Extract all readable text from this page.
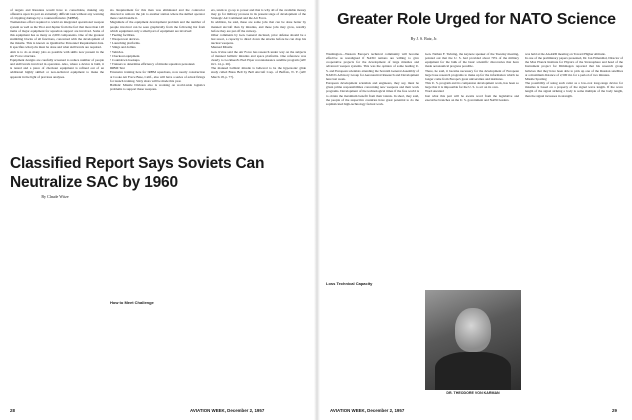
of targets and Russians would have to consolidate, making any offensive upon its part an extremely difficult task without any warning of crippling damage by a counteroffensive (SRBM).
Tremendous effort required to wield an integrated operational weapon system as well as the Thor and Jupiter from the fact that more than 120 items of major equipment for squadron support are involved. Some of this equipment has as many as 2,000 components. One of the greatest stumbling blocks of all functions, concerned with the development of the missile. This is known as Qualitative Personnel Requirement data. It specifies what jobs must be done and what skill levels are required.
Aim is to do as many jobs as possible with skills now present in the Air Force structure.
Equipment designs are carefully screened to reduce number of people and skill levels involved in operation. Also, where a device is built, it is tested and a piece of checkout equipment is refined out of an additional highly skilled or non-technical equipment to make the apparent in the light of previous analyses.
sis. Requirement for this man was eliminated and the contractor directed to remove the job to another station where the skilled operator there could handle it.
Magnitude of the equipment development problem and the number of people involved can be seen graphically from the following list from which equipment only a small part of equipment are involved:
• Fueling facilities.
• Weapon test devices.
• Launching platforms.
• Slings and dollies.
• Vehicles.
• Checkout equipment.
• Countdown hookups.
• Trainers to determine efficiency of missile squadron personnel.
IRBM Test
Extensive training here for IRBM squadrons, now nearly construction at Cooke Air Force Base, Calif., also will have a series of actual firings for launch training. Sixty shots will be made this year.
Ballistic Missile Division also is working on world-wide logistics problems to support these weapons.
ers, tends to go up to power and that is why all of the available money may go for military prowess in its present stage of development of the Strategic Air Command and the Air Force.
In addition, he said, these are some jobs that can be done better by manned aircraft than by missiles, and these jobs may grow, notably before they are put off the runway.
Other comments by Gen. General declared, prior defense should be a last resort, a capacity to direct down the attacks before he can drop his nuclear weapons.
Manned Missile
Gen. Irvine said the Air Force has research under way on the subjects of manned ballistic missiles and space platforms. One reference was clearly to Lockheed's Pied Piper reconnaissance satellite program (AW Oct. 14, p. 26).
The manned ballistic missile is believed to be the hypersonic glide study called Brass Bell by Bell Aircraft Corp. of Buffalo, N. Y. (AW March 18, p. 77).
Classified Report Says Soviets Can Neutralize SAC by 1960
By Claude Witze
How to Meet Challenge
Greater Role Urged for NATO Science
By J. S. Butz, Jr.
Washington—Western Europe's technical community will become effective as nonaligned if NATO nations are willing to give cooperative projects for the development of large missiles and advanced weapon systems. This was the opinion of some leading U. S. and European scientists attending the Seventh General Assembly of NATO's Advisory Group for Aeronautical Research and Development here last week.
European development scientists and engineers, they say, must be given prime responsibilities concerning new weapons and their work programs. Development of the technological times if the free world is to obtain the maximum benefit from their talents. In short, they said, the people of the respective countries have great potential to do the sophisticated high-technology factual work.
Gen. Nathan F. Twining, the keynote speaker of the Tuesday meeting, pointed out that the U. S. had provided about 70% of the military equipment for the bulk of the basic scientific discoveries that have made aeronautical progress possible.
There, he said, it became necessary for the development of European large base research programs to make up for the information which no longer come from Europe's great universities and institutes.
This U. S. program and its companion development work, has been so large that it is impossible for the U. S. to act on its own.
Word Awaited
Just what this part will be awaits word from the legislative and executive branches on the U. S. government and NATO leaders.
was held at the AGARD meeting on Toward Higher Altitude.
In one of the preliminary papers presented, Dr. Jan Pimenthal, Director of the Max Planck Institute for Physics of the Stratosphere and head of the Instrument project for Dimmagen reported that his research group believes that they have been able to pick up one of the Russian satellites at a maximum distance of 2,500 mi. for a period of two minutes.
Missile Spotting
The possibility of using such radar as a low-cost long-range device for missiles is based on a property of the signal wave length. If the wave length of the signal striking a body is some multiple of the body length, then the signal increases in strength.
Loss Technical Capacity
DR. THEODORE VON KARMAN
28	AVIATION WEEK, December 2, 1957	AVIATION WEEK, December 2, 1957	29
